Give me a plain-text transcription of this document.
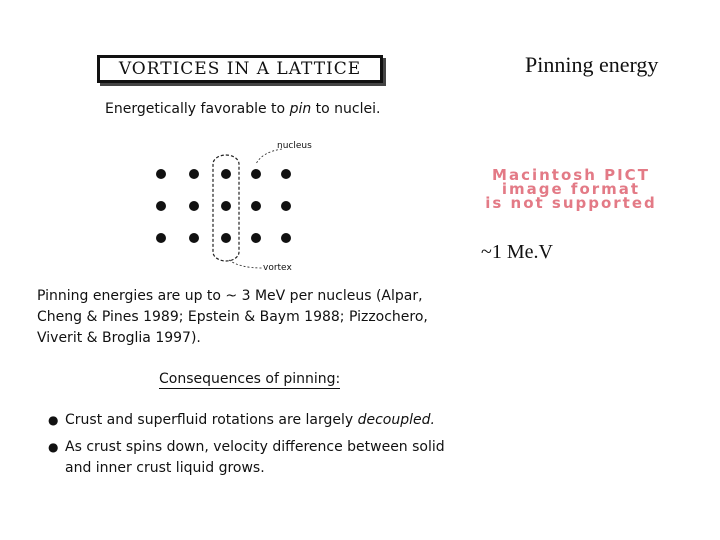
VORTICES IN A LATTICE
Energetically favorable to pin to nuclei.
nucleus
vortex
Pinning energies are up to ~ 3 MeV per nucleus (Alpar,
Cheng & Pines 1989; Epstein & Baym 1988; Pizzochero,
Viverit & Broglia 1997).
Consequences of pinning:
● Crust and superfluid rotations are largely decoupled.
● As crust spins down, velocity difference between solid
and inner crust liquid grows.
Pinning energy
Macintosh PICT
image format
is not supported
~1 Me.V
